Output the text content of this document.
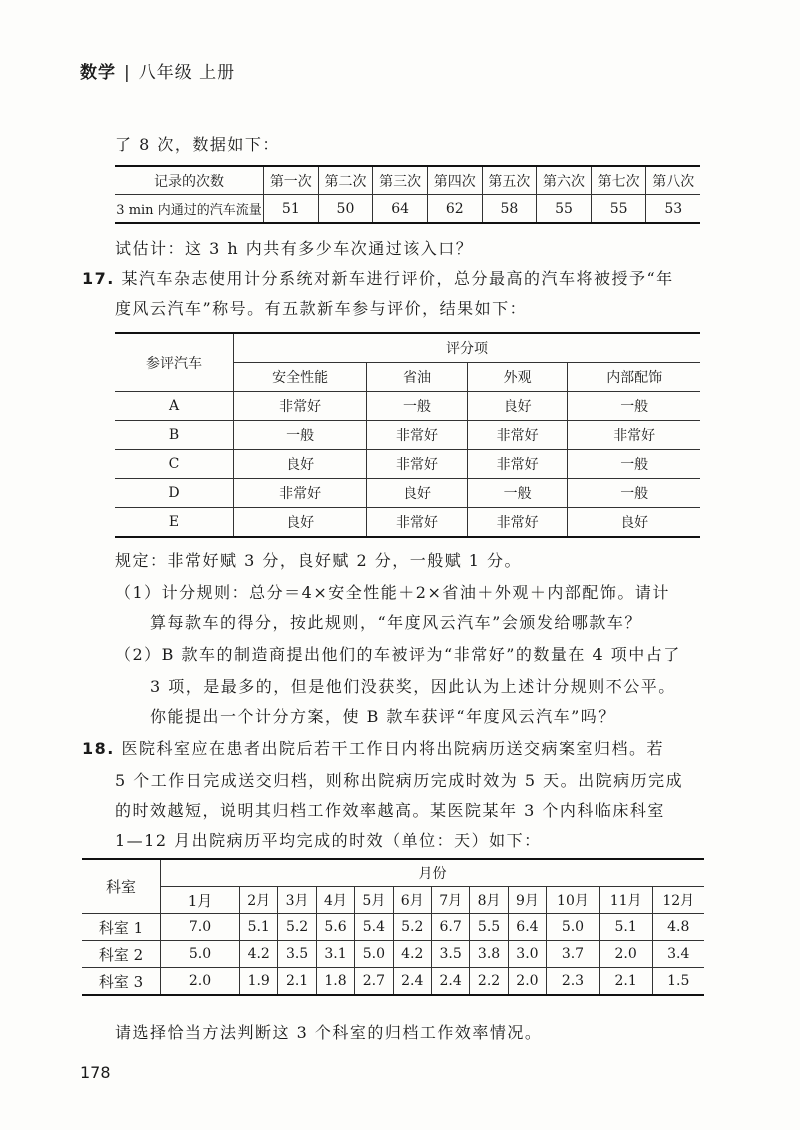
数学 | 八年级 上册
了 8 次，数据如下：
记录的次数	第一次	第二次	第三次	第四次	第五次	第六次	第七次	第八次
3 min 内通过的汽车流量	51	50	64	62	58	55	55	53
试估计：这 3 h 内共有多少车次通过该入口？
17. 某汽车杂志使用计分系统对新车进行评价，总分最高的汽车将被授予“年
度风云汽车”称号。有五款新车参与评价，结果如下：
参评汽车	评分项			
	安全性能	省油	外观	内部配饰
A	非常好	一般	良好	一般
B	一般	非常好	非常好	非常好
C	良好	非常好	非常好	一般
D	非常好	良好	一般	一般
E	良好	非常好	非常好	良好
规定：非常好赋 3 分，良好赋 2 分，一般赋 1 分。
（1）计分规则：总分＝4×安全性能＋2×省油＋外观＋内部配饰。请计
算每款车的得分，按此规则，“年度风云汽车”会颁发给哪款车？
（2）B 款车的制造商提出他们的车被评为“非常好”的数量在 4 项中占了
3 项，是最多的，但是他们没获奖，因此认为上述计分规则不公平。
你能提出一个计分方案，使 B 款车获评“年度风云汽车”吗？
18. 医院科室应在患者出院后若干工作日内将出院病历送交病案室归档。若
5 个工作日完成送交归档，则称出院病历完成时效为 5 天。出院病历完成
的时效越短，说明其归档工作效率越高。某医院某年 3 个内科临床科室
1—12 月出院病历平均完成的时效（单位：天）如下：
科室	月份											
	1月	2月	3月	4月	5月	6月	7月	8月	9月	10月	11月	12月
科室 1	7.0	5.1	5.2	5.6	5.4	5.2	6.7	5.5	6.4	5.0	5.1	4.8
科室 2	5.0	4.2	3.5	3.1	5.0	4.2	3.5	3.8	3.0	3.7	2.0	3.4
科室 3	2.0	1.9	2.1	1.8	2.7	2.4	2.4	2.2	2.0	2.3	2.1	1.5
请选择恰当方法判断这 3 个科室的归档工作效率情况。
178
